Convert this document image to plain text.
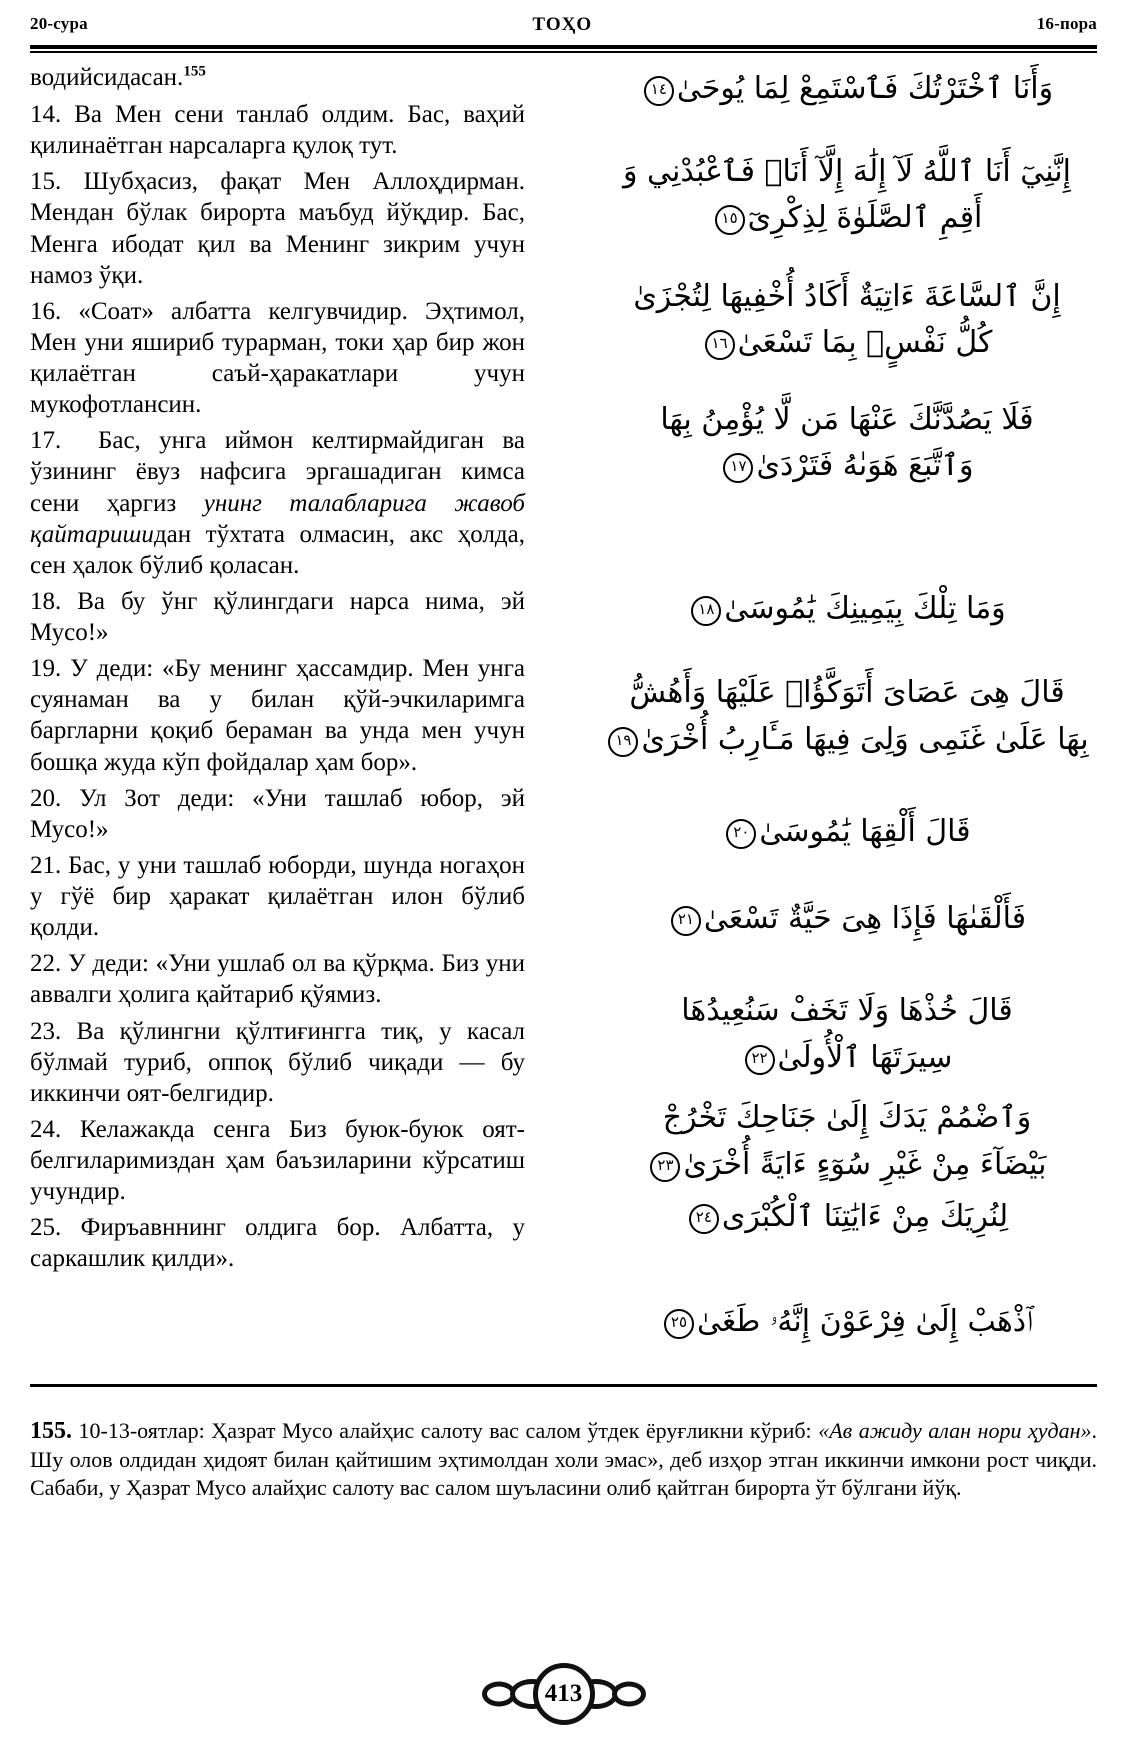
20-сура	ТОҲО	16-пора

водийсидасан.$^{155}$

14. Ва Мен сени танлаб олдим. Бас, ваҳий қилинаётган нарсаларга қулоқ тут.

15. Шубҳасиз, фақат Мен Аллоҳдирман. Мендан бўлак бирорта маъбуд йўқдир. Бас, Менга ибодат қил ва Менинг зикрим учун намоз ўқи.

16. «Соат» албатта келгувчидир. Эҳтимол, Мен уни яшириб турарман, токи ҳар бир жон қилаётган саъй-ҳаракатлари учун мукофотлансин.

17. Бас, унга иймон келтирмайдиган ва ўзининг ёвуз нафсига эргашадиган кимса сени ҳаргиз унинг талабларига жавоб қайтаришидан тўхтата олмасин, акс ҳолда, сен ҳалок бўлиб қоласан.

18. Ва бу ўнг қўлингдаги нарса нима, эй Мусо!»

19. У деди: «Бу менинг ҳассамдир. Мен унга суянаман ва у билан қўй-эчкиларимга баргларни қоқиб бераман ва унда мен учун бошқа жуда кўп фойдалар ҳам бор».

20. Ул Зот деди: «Уни ташлаб юбор, эй Мусо!»

21. Бас, у уни ташлаб юборди, шунда ногаҳон у гўё бир ҳаракат қилаётган илон бўлиб қолди.

22. У деди: «Уни ушлаб ол ва қўрқма. Биз уни аввалги ҳолига қайтариб қўямиз.

23. Ва қўлингни қўлтиғингга тиқ, у касал бўлмай туриб, оппоқ бўлиб чиқади — бу иккинчи оят-белгидир.

24. Келажакда сенга Биз буюк-буюк оят-белгиларимиздан ҳам баъзиларини кўрсатиш учундир.

25. Фиръавннинг олдига бор. Албатта, у саркашлик қилди».

وَأَنَا ٱخْتَرْتُكَ فَٱسْتَمِعْ لِمَا يُوحَىٰ١٤

إِنَّنِيٓ أَنَا ٱللَّهُ لَآ إِلَٰهَ إِلَّآ أَنَا۠ فَٱعْبُدْنِي وَ

أَقِمِ ٱلصَّلَوٰةَ لِذِكْرِىٓ١٥

إِنَّ ٱلسَّاعَةَ ءَاتِيَةٌ أَكَادُ أُخْفِيهَا لِتُجْزَىٰ

كُلُّ نَفْسٍۭ بِمَا تَسْعَىٰ١٦

فَلَا يَصُدَّنَّكَ عَنْهَا مَن لَّا يُؤْمِنُ بِهَا

وَٱتَّبَعَ هَوَىٰهُ فَتَرْدَىٰ١٧

وَمَا تِلْكَ بِيَمِينِكَ يَٰمُوسَىٰ١٨

قَالَ هِىَ عَصَاىَ أَتَوَكَّؤُا۟ عَلَيْهَا وَأَهُشُّ

بِهَا عَلَىٰ غَنَمِى وَلِىَ فِيهَا مَـَٔارِبُ أُخْرَىٰ١٩

قَالَ أَلْقِهَا يَٰمُوسَىٰ٢٠

فَأَلْقَىٰهَا فَإِذَا هِىَ حَيَّةٌ تَسْعَىٰ٢١

قَالَ خُذْهَا وَلَا تَخَفْ سَنُعِيدُهَا

سِيرَتَهَا ٱلْأُولَىٰ٢٢

وَٱضْمُمْ يَدَكَ إِلَىٰ جَنَاحِكَ تَخْرُجْ

بَيْضَآءَ مِنْ غَيْرِ سُوٓءٍ ءَايَةً أُخْرَىٰ٢٣

لِنُرِيَكَ مِنْ ءَايَٰتِنَا ٱلْكُبْرَى٢٤

ٱذْهَبْ إِلَىٰ فِرْعَوْنَ إِنَّهُۥ طَغَىٰ٢٥

155. 10-13-оятлар: Ҳазрат Мусо алайҳис салоту вас салом ўтдек ёруғликни кўриб: «Ав ажиду алан нори ҳудан». Шу олов олдидан ҳидоят билан қайтишим эҳтимолдан холи эмас», деб изҳор этган иккинчи имкони рост чиқди. Сабаби, у Ҳазрат Мусо алайҳис салоту вас салом шуъласини олиб қайтган бирорта ўт бўлгани йўқ.

413
